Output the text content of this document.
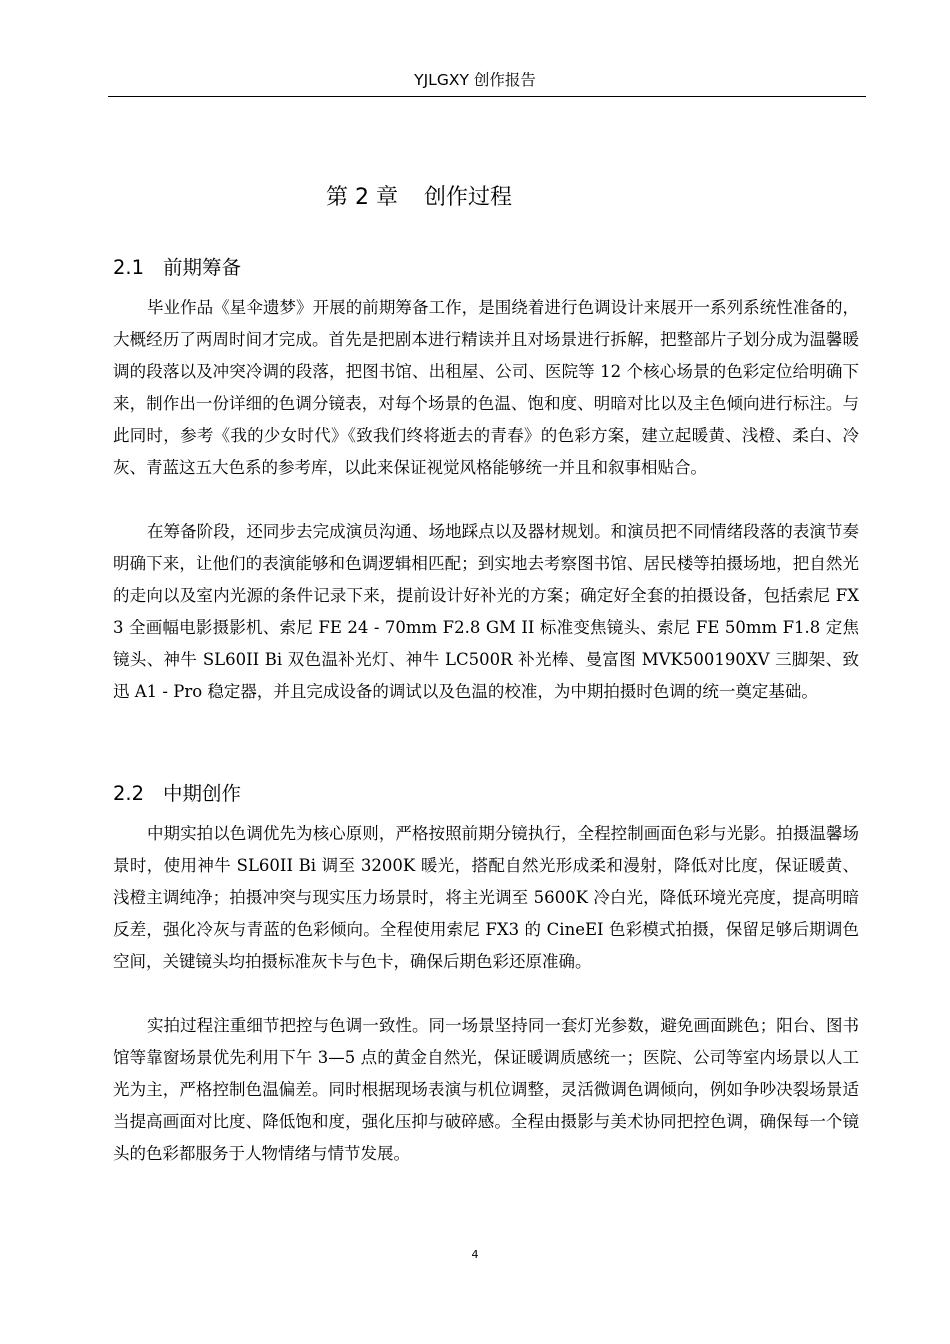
YJLGXY 创作报告
第 2 章 创作过程
2.1 前期筹备

毕业作品《星伞遗梦》开展的前期筹备工作，是围绕着进行色调设计来展开一系列系统性准备的，大概经历了两周时间才完成。首先是把剧本进行精读并且对场景进行拆解，把整部片子划分成为温馨暖调的段落以及冲突冷调的段落，把图书馆、出租屋、公司、医院等 12 个核心场景的色彩定位给明确下来，制作出一份详细的色调分镜表，对每个场景的色温、饱和度、明暗对比以及主色倾向进行标注。与此同时，参考《我的少女时代》《致我们终将逝去的青春》的色彩方案，建立起暖黄、浅橙、柔白、冷灰、青蓝这五大色系的参考库，以此来保证视觉风格能够统一并且和叙事相贴合。

在筹备阶段，还同步去完成演员沟通、场地踩点以及器材规划。和演员把不同情绪段落的表演节奏明确下来，让他们的表演能够和色调逻辑相匹配；到实地去考察图书馆、居民楼等拍摄场地，把自然光的走向以及室内光源的条件记录下来，提前设计好补光的方案；确定好全套的拍摄设备，包括索尼 FX3 全画幅电影摄影机、索尼 FE 24 - 70mm F2.8 GM II 标准变焦镜头、索尼 FE 50mm F1.8 定焦镜头、神牛 SL60II Bi 双色温补光灯、神牛 LC500R 补光棒、曼富图 MVK500190XV 三脚架、致迅 A1 - Pro 稳定器，并且完成设备的调试以及色温的校准，为中期拍摄时色调的统一奠定基础。

2.2 中期创作

中期实拍以色调优先为核心原则，严格按照前期分镜执行，全程控制画面色彩与光影。拍摄温馨场景时，使用神牛 SL60II Bi 调至 3200K 暖光，搭配自然光形成柔和漫射，降低对比度，保证暖黄、浅橙主调纯净；拍摄冲突与现实压力场景时，将主光调至 5600K 冷白光，降低环境光亮度，提高明暗反差，强化冷灰与青蓝的色彩倾向。全程使用索尼 FX3 的 CineEI 色彩模式拍摄，保留足够后期调色空间，关键镜头均拍摄标准灰卡与色卡，确保后期色彩还原准确。

实拍过程注重细节把控与色调一致性。同一场景坚持同一套灯光参数，避免画面跳色；阳台、图书馆等靠窗场景优先利用下午 3—5 点的黄金自然光，保证暖调质感统一；医院、公司等室内场景以人工光为主，严格控制色温偏差。同时根据现场表演与机位调整，灵活微调色调倾向，例如争吵决裂场景适当提高画面对比度、降低饱和度，强化压抑与破碎感。全程由摄影与美术协同把控色调，确保每一个镜头的色彩都服务于人物情绪与情节发展。

4
